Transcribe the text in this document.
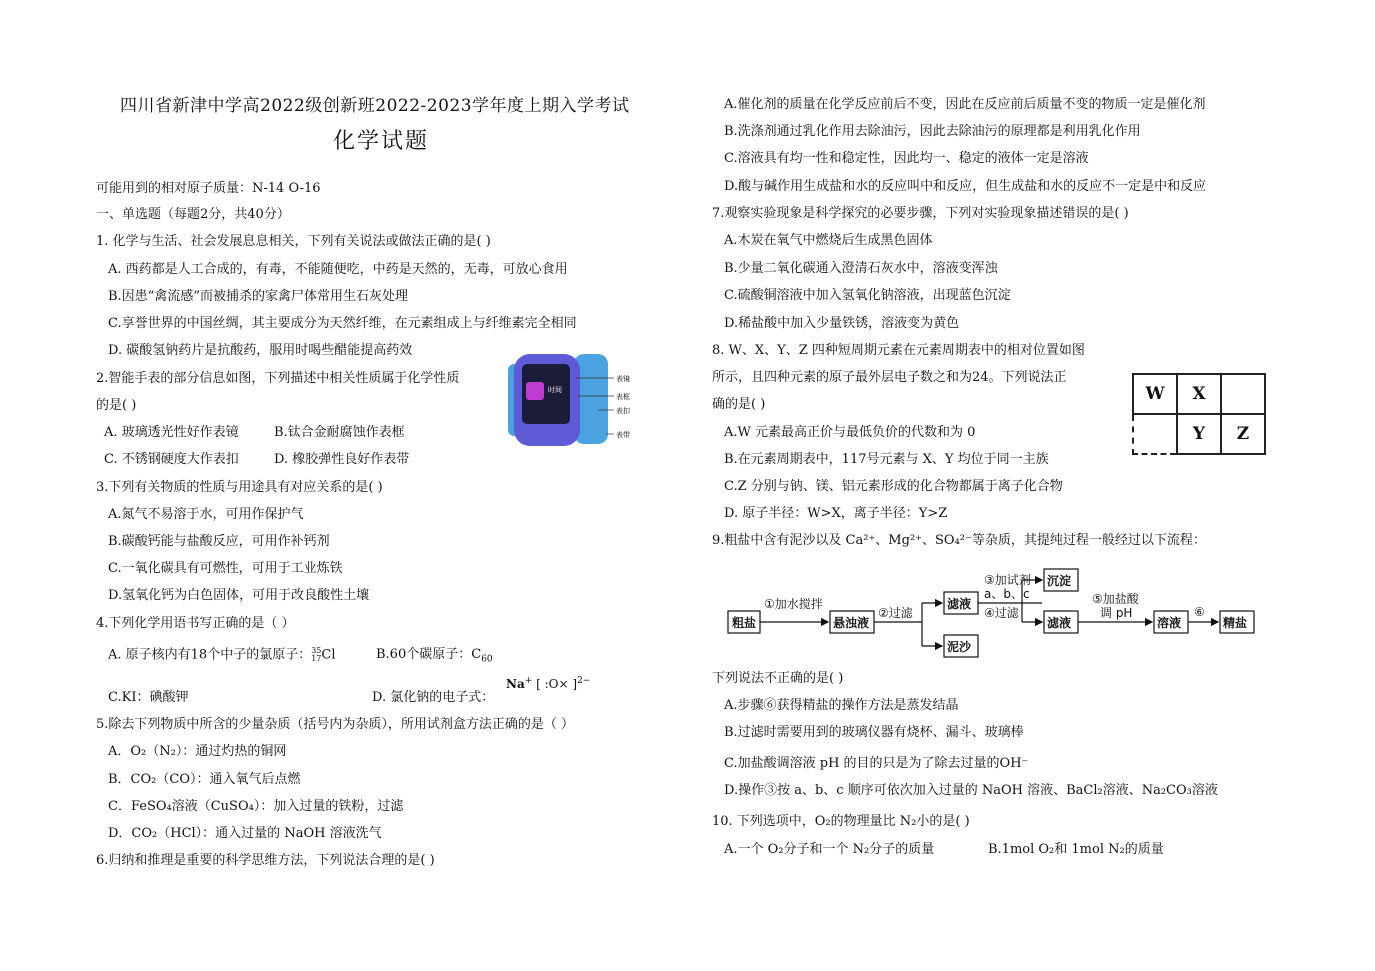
四川省新津中学高2022级创新班2022-2023学年度上期入学考试
化学试题
可能用到的相对原子质量：N-14 O-16
一、单选题（每题2分，共40分）
1. 化学与生活、社会发展息息相关，下列有关说法或做法正确的是( )
A. 西药都是人工合成的，有毒，不能随便吃，中药是天然的，无毒，可放心食用
B.因患“禽流感”而被捕杀的家禽尸体常用生石灰处理
C.享誉世界的中国丝绸，其主要成分为天然纤维，在元素组成上与纤维素完全相同
D. 碳酸氢钠药片是抗酸药，服用时喝些醋能提高药效
2.智能手表的部分信息如图，下列描述中相关性质属于化学性质
的是( )
A. 玻璃透光性好作表镜	B.钛合金耐腐蚀作表框
C. 不锈钢硬度大作表扣	D. 橡胶弹性良好作表带
时间
表镜
表框
表扣
表带
3.下列有关物质的性质与用途具有对应关系的是( )
A.氮气不易溶于水，可用作保护气
B.碳酸钙能与盐酸反应，可用作补钙剂
C.一氧化碳具有可燃性，可用于工业炼铁
D.氢氧化钙为白色固体，可用于改良酸性土壤
4.下列化学用语书写正确的是（ ）
A. 原子核内有18个中子的氯原子： 35
17 Cl	B.60个碳原子：$C_{60}$
C.KI：碘酸钾	D. 氯化钠的电子式：
Na+ [ :O× ]$^{2-}$
5.除去下列物质中所含的少量杂质（括号内为杂质），所用试剂盒方法正确的是（ ）
A．O₂（N₂）：通过灼热的铜网
B．CO₂（CO）：通入氧气后点燃
C．FeSO₄溶液（CuSO₄）：加入过量的铁粉，过滤
D．CO₂（HCl）：通入过量的 NaOH 溶液洗气
6.归纳和推理是重要的科学思维方法，下列说法合理的是( )
A.催化剂的质量在化学反应前后不变，因此在反应前后质量不变的物质一定是催化剂
B.洗涤剂通过乳化作用去除油污，因此去除油污的原理都是利用乳化作用
C.溶液具有均一性和稳定性，因此均一、稳定的液体一定是溶液
D.酸与碱作用生成盐和水的反应叫中和反应，但生成盐和水的反应不一定是中和反应
7.观察实验现象是科学探究的必要步骤，下列对实验现象描述错误的是( )
A.木炭在氧气中燃烧后生成黑色固体
B.少量二氧化碳通入澄清石灰水中，溶液变浑浊
C.硫酸铜溶液中加入氢氧化钠溶液，出现蓝色沉淀
D.稀盐酸中加入少量铁锈，溶液变为黄色
8. W、X、Y、Z 四种短周期元素在元素周期表中的相对位置如图
所示，且四种元素的原子最外层电子数之和为24。下列说法正
确的是( )
W	X	
	Y	Z
A.W 元素最高正价与最低负价的代数和为 0
B.在元素周期表中，117号元素与 X、Y 均位于同一主族
C.Z 分别与钠、镁、铝元素形成的化合物都属于离子化合物
D. 原子半径：W>X，离子半径：Y>Z
9.粗盐中含有泥沙以及 Ca²⁺、Mg²⁺、SO₄²⁻等杂质，其提纯过程一般经过以下流程：
粗盐	悬浊液
滤液
泥沙
沉淀
滤液	溶液	精盐
①加水搅拌
②过滤
③加试剂
a、b、c
④过滤
⑤加盐酸
调 pH	⑥
下列说法不正确的是( )
A.步骤⑥获得精盐的操作方法是蒸发结晶
B.过滤时需要用到的玻璃仪器有烧杯、漏斗、玻璃棒
C.加盐酸调溶液 pH 的目的只是为了除去过量的OH⁻
D.操作③按 a、b、c 顺序可依次加入过量的 NaOH 溶液、BaCl₂溶液、Na₂CO₃溶液
10. 下列选项中，O₂的物理量比 N₂小的是( )
A.一个 O₂分子和一个 N₂分子的质量	B.1mol O₂和 1mol N₂的质量
